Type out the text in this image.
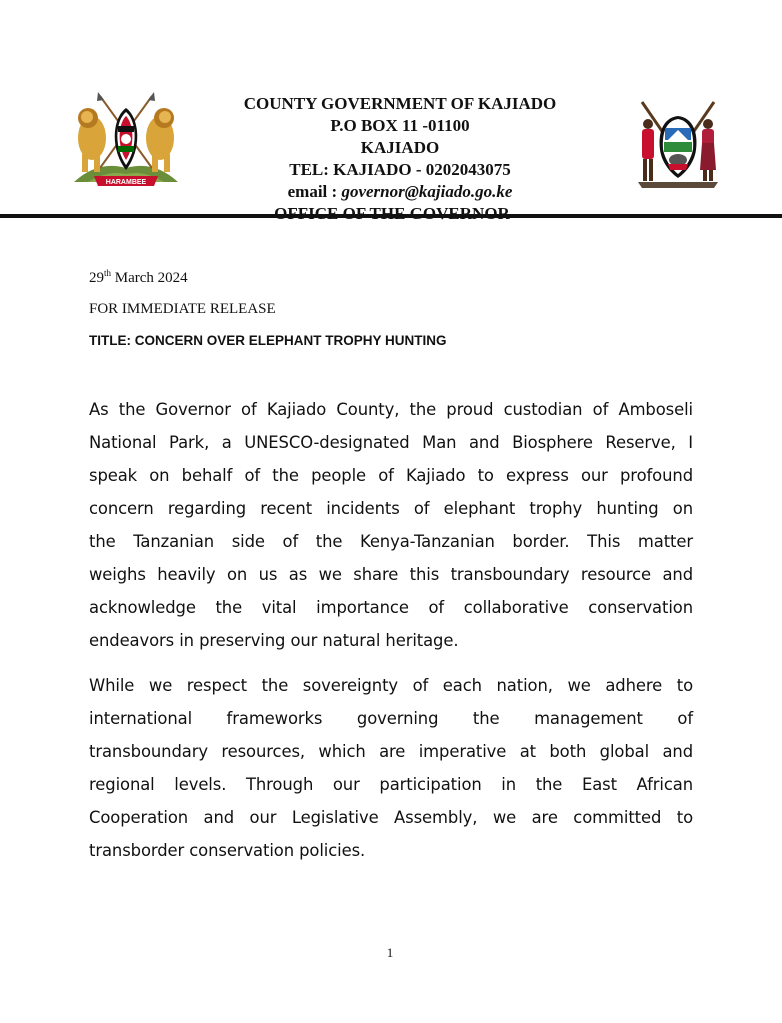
HARAMBEE
COUNTY GOVERNMENT OF KAJIADO
P.O BOX 11 -01100
KAJIADO
TEL: KAJIADO - 0202043075
email : governor@kajiado.go.ke
29th March 2024
FOR IMMEDIATE RELEASE
TITLE: CONCERN OVER ELEPHANT TROPHY HUNTING

As the Governor of Kajiado County, the proud custodian of Amboseli
National Park, a UNESCO-designated Man and Biosphere Reserve, I
speak on behalf of the people of Kajiado to express our profound
concern regarding recent incidents of elephant trophy hunting on
the Tanzanian side of the Kenya-Tanzanian border. This matter
weighs heavily on us as we share this transboundary resource and
acknowledge the vital importance of collaborative conservation
endeavors in preserving our natural heritage.

While we respect the sovereignty of each nation, we adhere to
international frameworks governing the management of
transboundary resources, which are imperative at both global and
regional levels. Through our participation in the East African
Cooperation and our Legislative Assembly, we are committed to
transborder conservation policies.

1
